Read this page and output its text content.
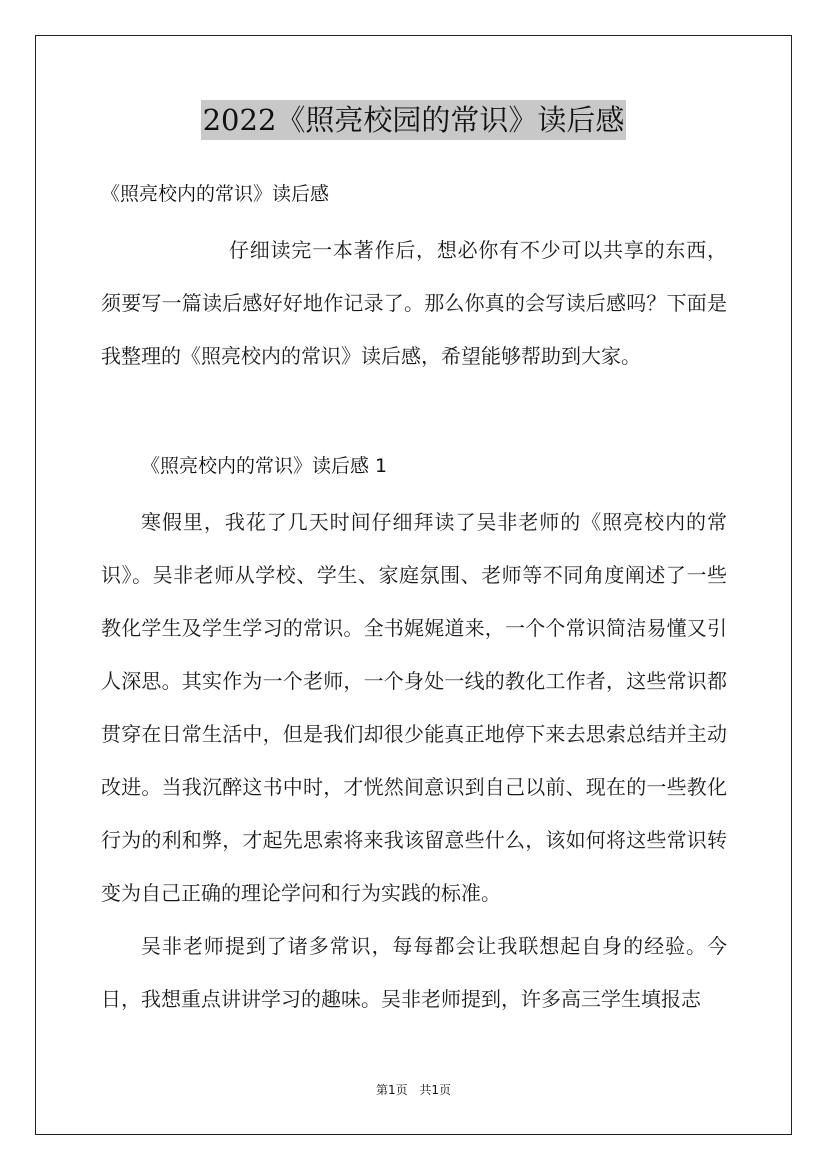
2022《照亮校园的常识》读后感
《照亮校内的常识》读后感

仔细读完一本著作后，想必你有不少可以共享的东西，须要写一篇读后感好好地作记录了。那么你真的会写读后感吗？下面是我整理的《照亮校内的常识》读后感，希望能够帮助到大家。

《照亮校内的常识》读后感 1

寒假里，我花了几天时间仔细拜读了吴非老师的《照亮校内的常识》。吴非老师从学校、学生、家庭氛围、老师等不同角度阐述了一些教化学生及学生学习的常识。全书娓娓道来，一个个常识简洁易懂又引人深思。其实作为一个老师，一个身处一线的教化工作者，这些常识都贯穿在日常生活中，但是我们却很少能真正地停下来去思索总结并主动改进。当我沉醉这书中时，才恍然间意识到自己以前、现在的一些教化行为的利和弊，才起先思索将来我该留意些什么，该如何将这些常识转变为自己正确的理论学问和行为实践的标准。

吴非老师提到了诸多常识，每每都会让我联想起自身的经验。今日，我想重点讲讲学习的趣味。吴非老师提到，许多高三学生填报志

第1页 共1页
